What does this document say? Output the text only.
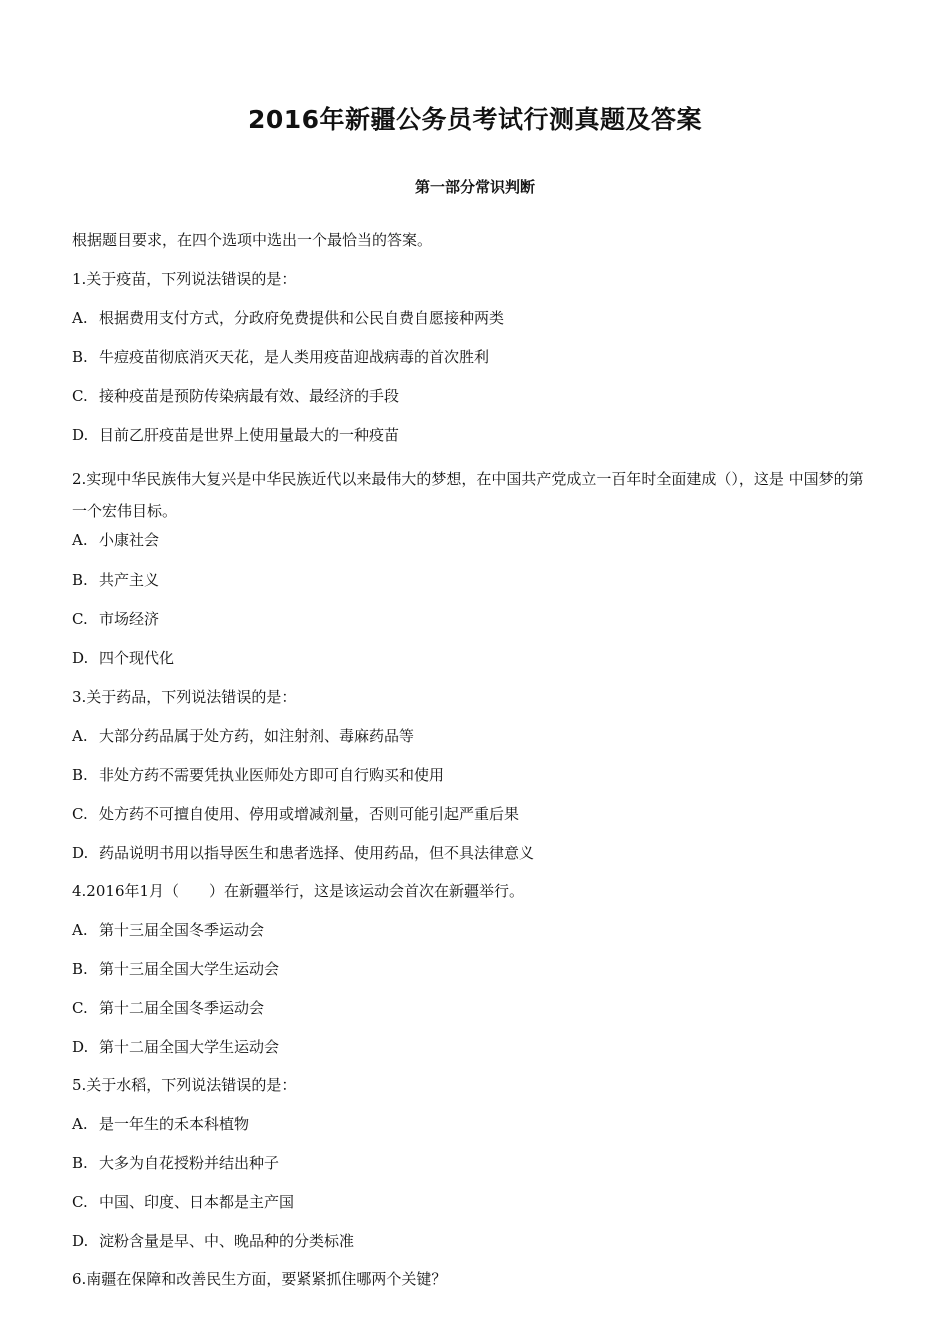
2016年新疆公务员考试行测真题及答案
第一部分常识判断
根据题目要求，在四个选项中选出一个最恰当的答案。
1.关于疫苗，下列说法错误的是：
A. 根据费用支付方式，分政府免费提供和公民自费自愿接种两类
B. 牛痘疫苗彻底消灭天花，是人类用疫苗迎战病毒的首次胜利
C. 接种疫苗是预防传染病最有效、最经济的手段
D. 目前乙肝疫苗是世界上使用量最大的一种疫苗
2.实现中华民族伟大复兴是中华民族近代以来最伟大的梦想，在中国共产党成立一百年时全面建成（），这是 中国梦的第一个宏伟目标。
A. 小康社会
B. 共产主义
C. 市场经济
D. 四个现代化
3.关于药品，下列说法错误的是：
A. 大部分药品属于处方药，如注射剂、毒麻药品等
B. 非处方药不需要凭执业医师处方即可自行购买和使用
C. 处方药不可擅自使用、停用或增减剂量，否则可能引起严重后果
D. 药品说明书用以指导医生和患者选择、使用药品，但不具法律意义
4.2016年1月（　　）在新疆举行，这是该运动会首次在新疆举行。
A. 第十三届全国冬季运动会
B. 第十三届全国大学生运动会
C. 第十二届全国冬季运动会
D. 第十二届全国大学生运动会
5.关于水稻，下列说法错误的是：
A. 是一年生的禾本科植物
B. 大多为自花授粉并结出种子
C. 中国、印度、日本都是主产国
D. 淀粉含量是早、中、晚品种的分类标准
6.南疆在保障和改善民生方面，要紧紧抓住哪两个关键？
